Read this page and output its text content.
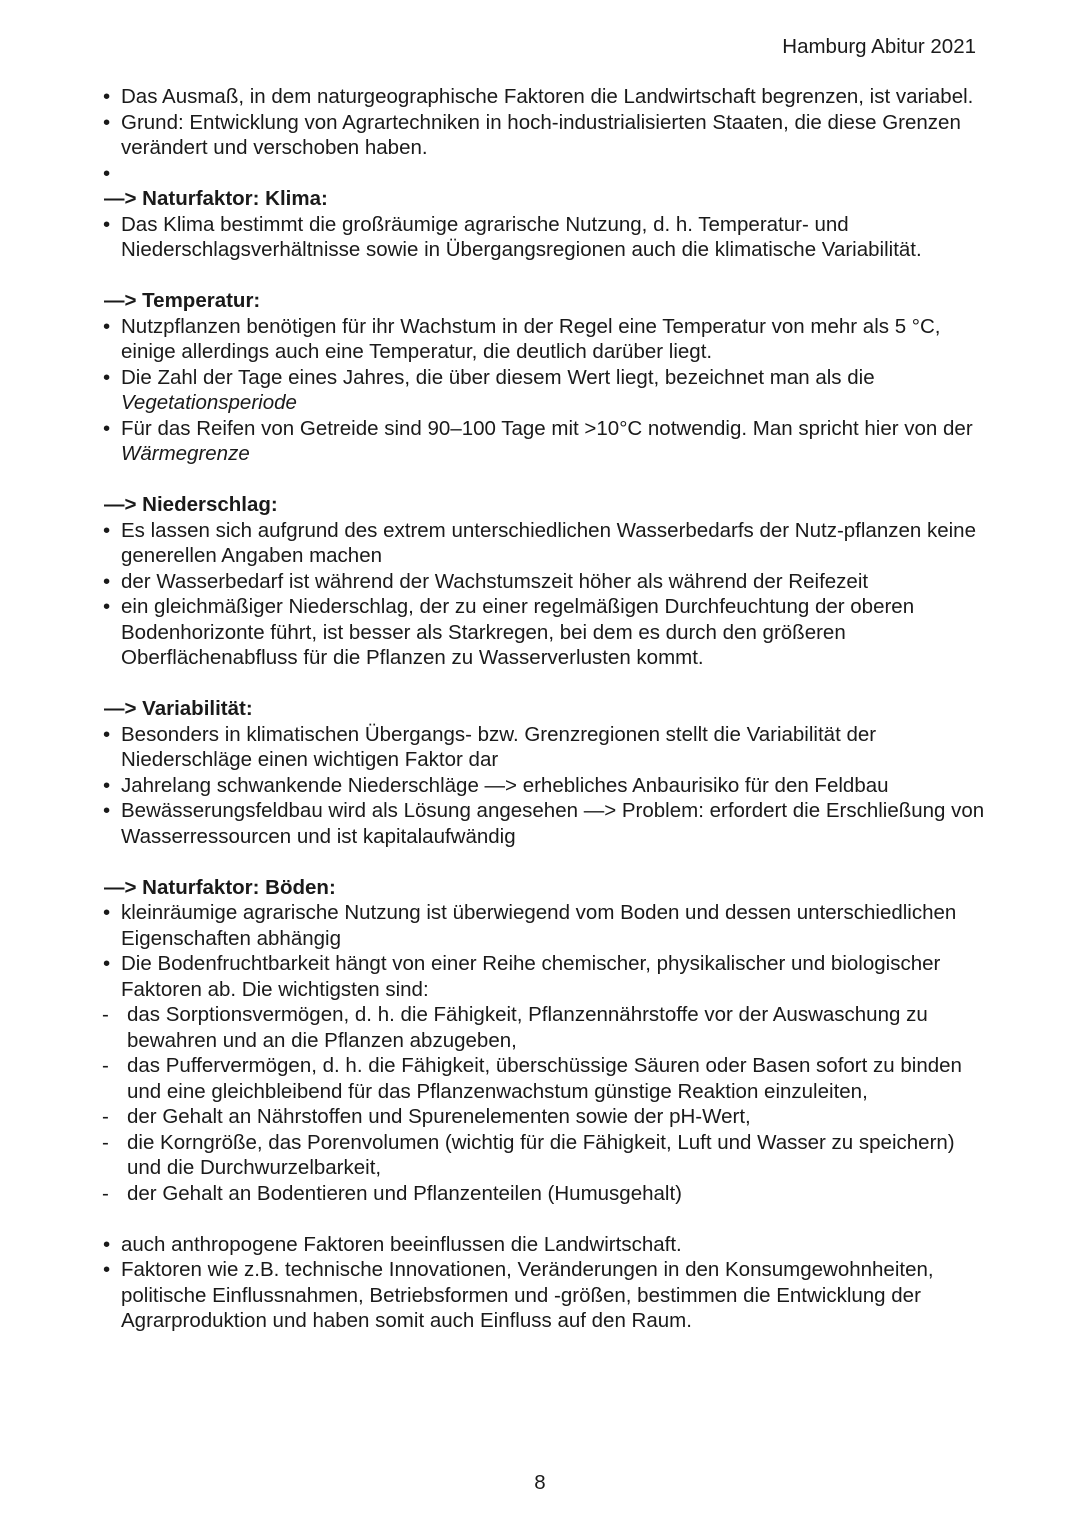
Hamburg Abitur 2021
• Das Ausmaß, in dem naturgeographische Faktoren die Landwirtschaft begrenzen, ist variabel.
• Grund: Entwicklung von Agrartechniken in hoch-industrialisierten Staaten, die diese Grenzen verändert und verschoben haben.
•

—> Naturfaktor: Klima:
• Das Klima bestimmt die großräumige agrarische Nutzung, d. h. Temperatur- und Niederschlagsverhältnisse sowie in Übergangsregionen auch die klimatische Variabilität.
—> Temperatur:
• Nutzpflanzen benötigen für ihr Wachstum in der Regel eine Temperatur von mehr als 5 °C, einige allerdings auch eine Temperatur, die deutlich darüber liegt.
• Die Zahl der Tage eines Jahres, die über diesem Wert liegt, bezeichnet man als die
Vegetationsperiode
• Für das Reifen von Getreide sind 90–100 Tage mit >10°C notwendig. Man spricht hier von der Wärmegrenze
—> Niederschlag:
• Es lassen sich aufgrund des extrem unterschiedlichen Wasserbedarfs der Nutz-pflanzen keine generellen Angaben machen
• der Wasserbedarf ist während der Wachstumszeit höher als während der Reifezeit
• ein gleichmäßiger Niederschlag, der zu einer regelmäßigen Durchfeuchtung der oberen Bodenhorizonte führt, ist besser als Starkregen, bei dem es durch den größeren Oberflächenabfluss für die Pflanzen zu Wasserverlusten kommt.
—> Variabilität:
• Besonders in klimatischen Übergangs- bzw. Grenzregionen stellt die Variabilität der Niederschläge einen wichtigen Faktor dar
• Jahrelang schwankende Niederschläge —> erhebliches Anbaurisiko für den Feldbau
• Bewässerungsfeldbau wird als Lösung angesehen —> Problem: erfordert die Erschließung von Wasserressourcen und ist kapitalaufwändig
—> Naturfaktor: Böden:
• kleinräumige agrarische Nutzung ist überwiegend vom Boden und dessen unterschiedlichen Eigenschaften abhängig
• Die Bodenfruchtbarkeit hängt von einer Reihe chemischer, physikalischer und biologischer Faktoren ab. Die wichtigsten sind:
- das Sorptionsvermögen, d. h. die Fähigkeit, Pflanzennährstoffe vor der Auswaschung zu bewahren und an die Pflanzen abzugeben,
- das Puffervermögen, d. h. die Fähigkeit, überschüssige Säuren oder Basen sofort zu binden und eine gleichbleibend für das Pflanzenwachstum günstige Reaktion einzuleiten,
- der Gehalt an Nährstoffen und Spurenelementen sowie der pH-Wert,
- die Korngröße, das Porenvolumen (wichtig für die Fähigkeit, Luft und Wasser zu speichern) und die Durchwurzelbarkeit,
- der Gehalt an Bodentieren und Pflanzenteilen (Humusgehalt)
• auch anthropogene Faktoren beeinflussen die Landwirtschaft.
• Faktoren wie z.B. technische Innovationen, Veränderungen in den Konsumgewohnheiten, politische Einflussnahmen, Betriebsformen und -größen, bestimmen die Entwicklung der Agrarproduktion und haben somit auch Einfluss auf den Raum.
8
